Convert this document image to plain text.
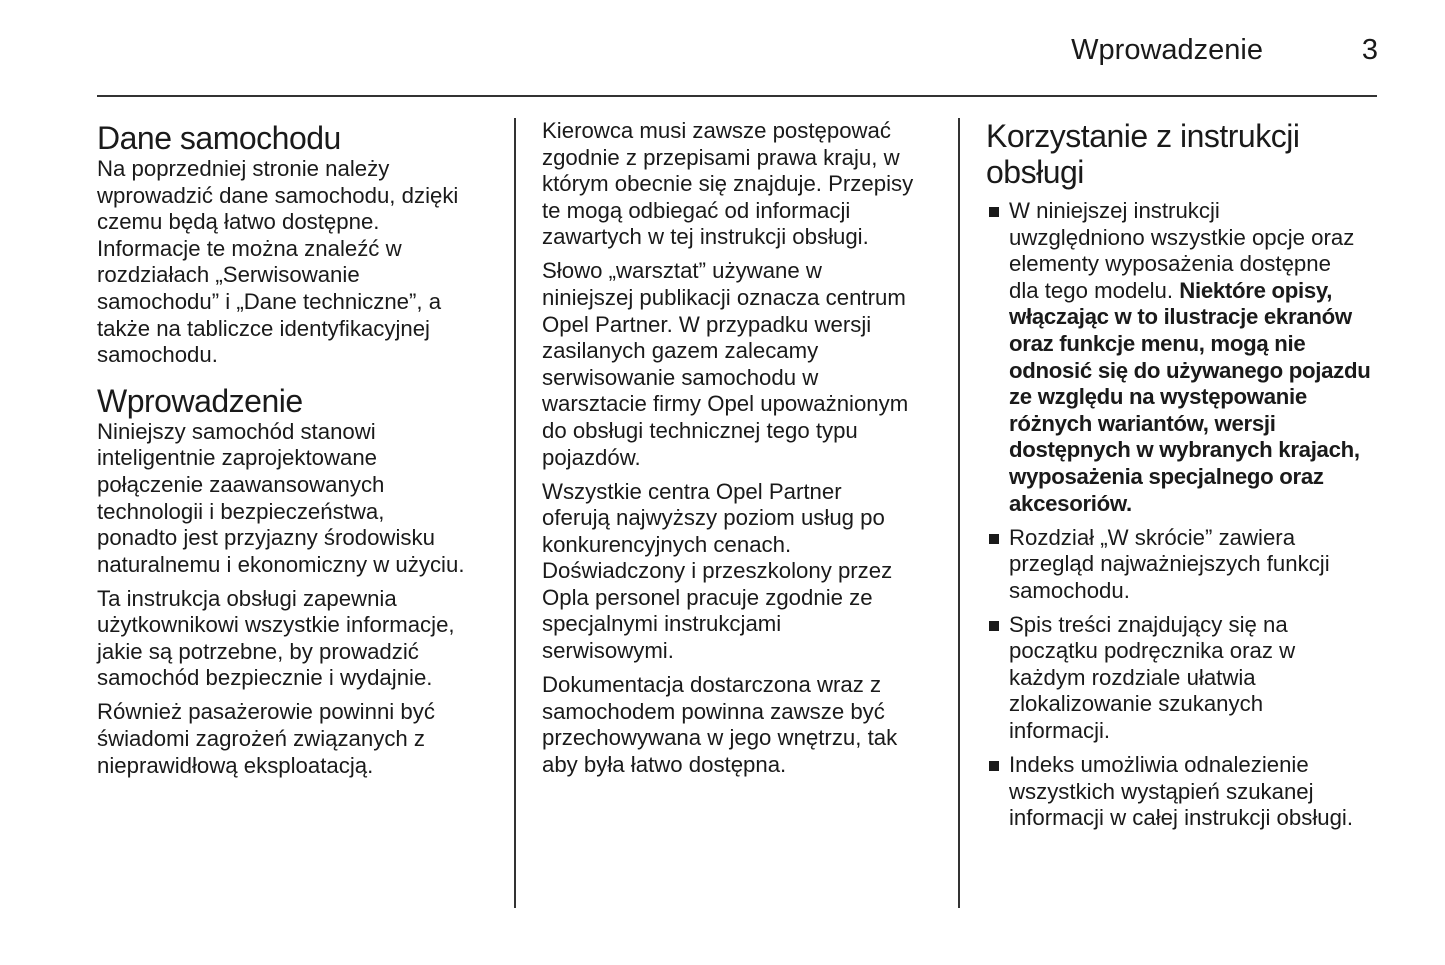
Wprowadzenie	3
Dane samochodu

Na poprzedniej stronie należy
wprowadzić dane samochodu, dzięki
czemu będą łatwo dostępne.
Informacje te można znaleźć w
rozdziałach „Serwisowanie
samochodu” i „Dane techniczne”, a
także na tabliczce identyfikacyjnej
samochodu.

Wprowadzenie

Niniejszy samochód stanowi
inteligentnie zaprojektowane
połączenie zaawansowanych
technologii i bezpieczeństwa,
ponadto jest przyjazny środowisku
naturalnemu i ekonomiczny w użyciu.

Ta instrukcja obsługi zapewnia
użytkownikowi wszystkie informacje,
jakie są potrzebne, by prowadzić
samochód bezpiecznie i wydajnie.

Również pasażerowie powinni być
świadomi zagrożeń związanych z
nieprawidłową eksploatacją.

Kierowca musi zawsze postępować
zgodnie z przepisami prawa kraju, w
którym obecnie się znajduje. Przepisy
te mogą odbiegać od informacji
zawartych w tej instrukcji obsługi.

Słowo „warsztat” używane w
niniejszej publikacji oznacza centrum
Opel Partner. W przypadku wersji
zasilanych gazem zalecamy
serwisowanie samochodu w
warsztacie firmy Opel upoważnionym
do obsługi technicznej tego typu
pojazdów.

Wszystkie centra Opel Partner
oferują najwyższy poziom usług po
konkurencyjnych cenach.
Doświadczony i przeszkolony przez
Opla personel pracuje zgodnie ze
specjalnymi instrukcjami
serwisowymi.

Dokumentacja dostarczona wraz z
samochodem powinna zawsze być
przechowywana w jego wnętrzu, tak
aby była łatwo dostępna.

Korzystanie z instrukcji
obsługi
W niniejszej instrukcji
uwzględniono wszystkie opcje oraz
elementy wyposażenia dostępne
dla tego modelu. Niektóre opisy,
włączając w to ilustracje ekranów
oraz funkcje menu, mogą nie
odnosić się do używanego pojazdu
ze względu na występowanie
różnych wariantów, wersji
dostępnych w wybranych krajach,
wyposażenia specjalnego oraz
akcesoriów.
Rozdział „W skrócie” zawiera
przegląd najważniejszych funkcji
samochodu.
Spis treści znajdujący się na
początku podręcznika oraz w
każdym rozdziale ułatwia
zlokalizowanie szukanych
informacji.
Indeks umożliwia odnalezienie
wszystkich wystąpień szukanej
informacji w całej instrukcji obsługi.
